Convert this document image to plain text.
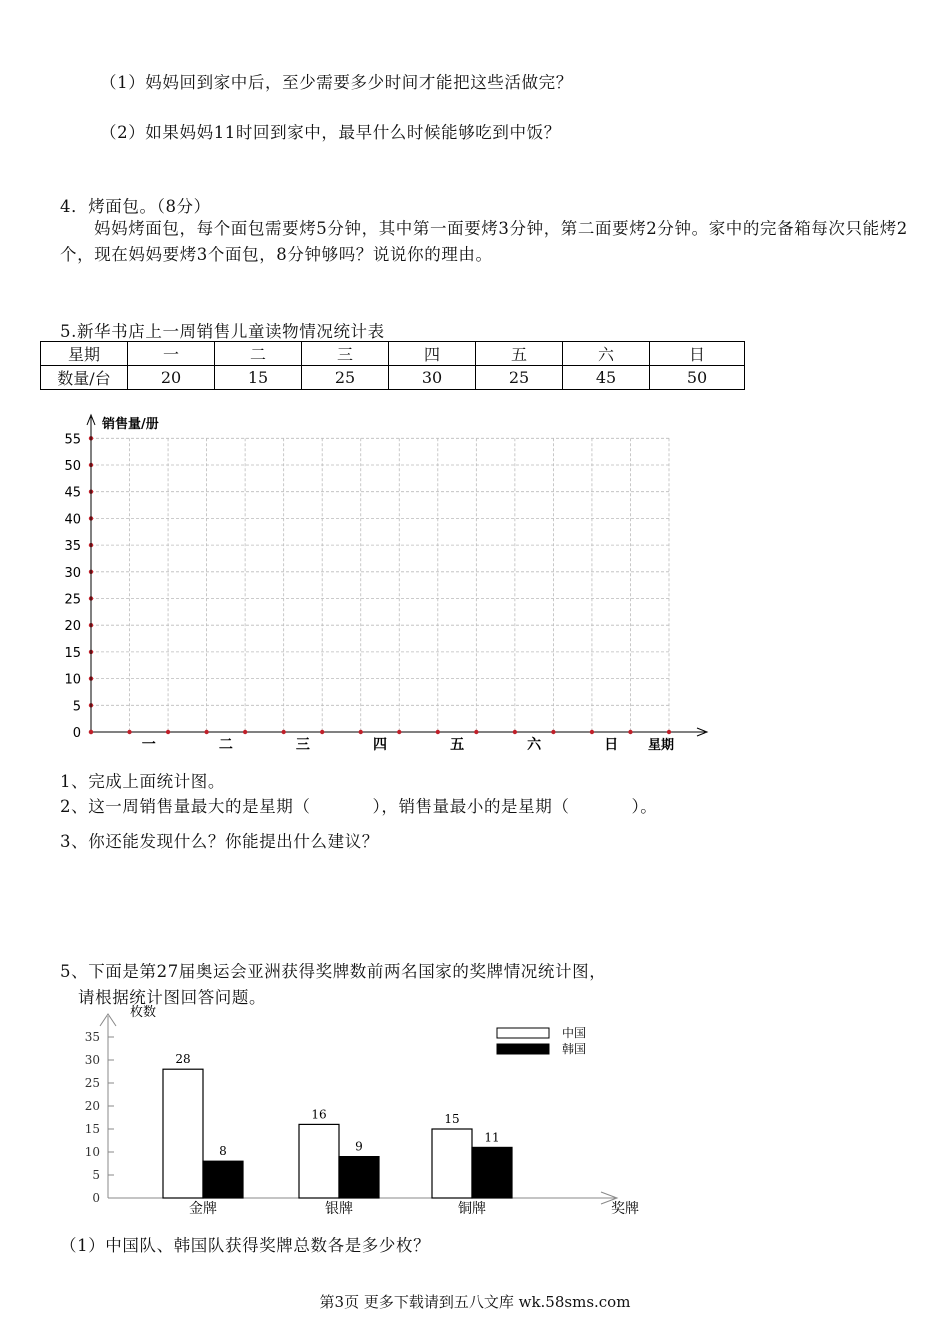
（1）妈妈回到家中后，至少需要多少时间才能把这些活做完？
（2）如果妈妈11时回到家中，最早什么时候能够吃到中饭？
4．烤面包。（8分）
妈妈烤面包，每个面包需要烤5分钟，其中第一面要烤3分钟，第二面要烤2分钟。家中的完备箱每次只能烤2个，现在妈妈要烤3个面包，8分钟够吗？说说你的理由。
5.新华书店上一周销售儿童读物情况统计表
星期	一	二	三	四	五	六	日
数量/台	20	15	25	30	25	45	50
0
5
10
15
20
25
30
35
40
45
50
55
一	二	三	四	五	六	日
销售量/册
星期
1、完成上面统计图。
2、这一周销售量最大的是星期（	），销售量最小的是星期（	）。
3、你还能发现什么？你能提出什么建议？
5、下面是第27届奥运会亚洲获得奖牌数前两名国家的奖牌情况统计图，
请根据统计图回答问题。
枚数
0
5
10
15
20
25
30
35
奖牌
28
8
金牌
16
9
银牌
15
11
铜牌
中国
韩国
（1）中国队、韩国队获得奖牌总数各是多少枚？
第3页 更多下载请到五八文库 wk.58sms.com
